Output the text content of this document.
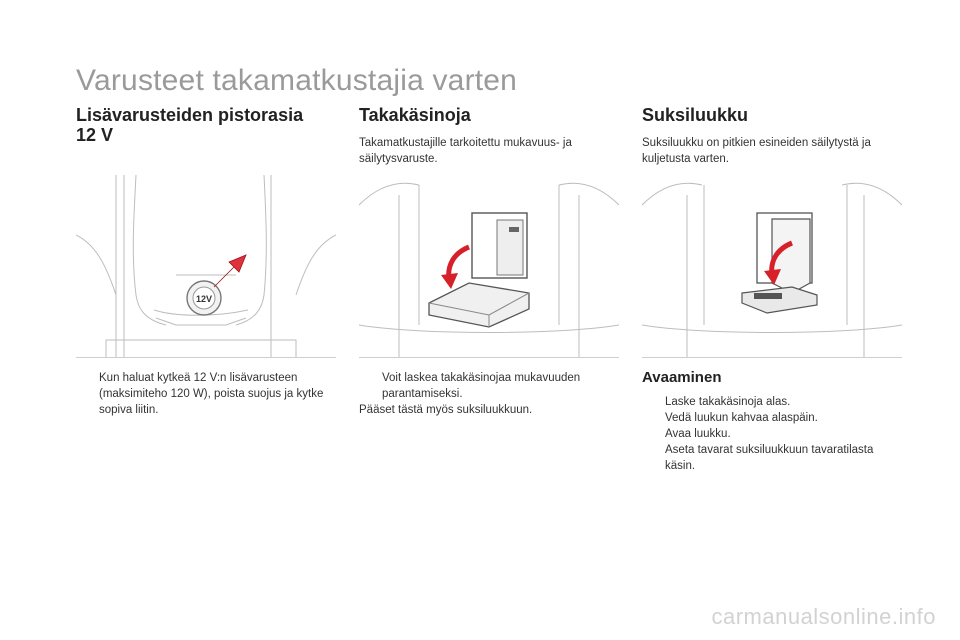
Varusteet takamatkustajia varten
Lisävarusteiden pistorasia 12 V
12V
Kun haluat kytkeä 12 V:n lisävarusteen (maksimiteho 120 W), poista suojus ja kytke sopiva liitin.
Takakäsinoja
Takamatkustajille tarkoitettu mukavuus- ja säilytysvaruste.
Voit laskea takakäsinojaa mukavuuden parantamiseksi.
Pääset tästä myös suksiluukkuun.
Suksiluukku
Suksiluukku on pitkien esineiden säilytystä ja kuljetusta varten.
Avaaminen
Laske takakäsinoja alas.
Vedä luukun kahvaa alaspäin.
Avaa luukku.
Aseta tavarat suksiluukkuun tavaratilasta käsin.
carmanualsonline.info
